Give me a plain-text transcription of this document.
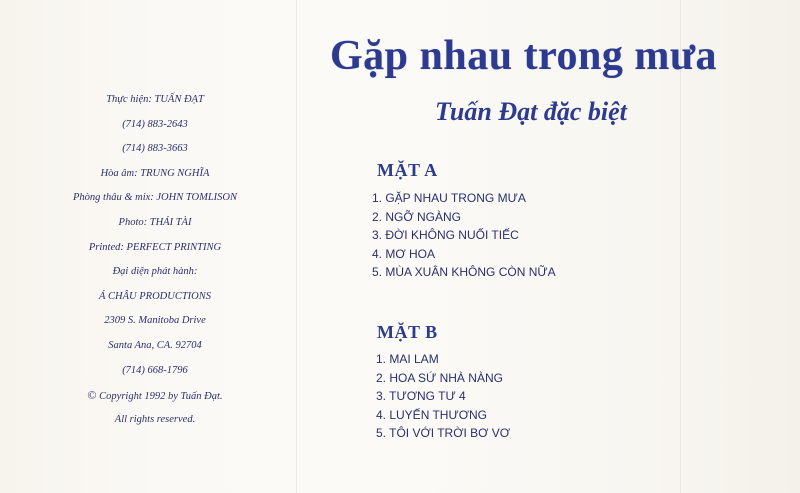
Thực hiện: TUẤN ĐẠT
(714) 883-2643
(714) 883-3663
Hòa âm: TRUNG NGHĨA
Phòng thâu & mix: JOHN TOMLISON
Photo: THÁI TÀI
Printed: PERFECT PRINTING
Đại diện phát hành:
Á CHÂU PRODUCTIONS
2309 S. Manitoba Drive
Santa Ana, CA. 92704
(714) 668-1796
© Copyright 1992 by Tuấn Đạt.
All rights reserved.
Gặp nhau trong mưa
Tuấn Đạt đặc biệt
MẶT A
1. GẶP NHAU TRONG MƯA
2. NGỠ NGÀNG
3. ĐỜI KHÔNG NUỐI TIẾC
4. MƠ HOA
5. MÙA XUÂN KHÔNG CÒN NỮA
MẶT B
1. MAI LAM
2. HOA SỨ NHÀ NÀNG
3. TƯƠNG TƯ 4
4. LUYẾN THƯƠNG
5. TÔI VỚI TRỜI BƠ VƠ
